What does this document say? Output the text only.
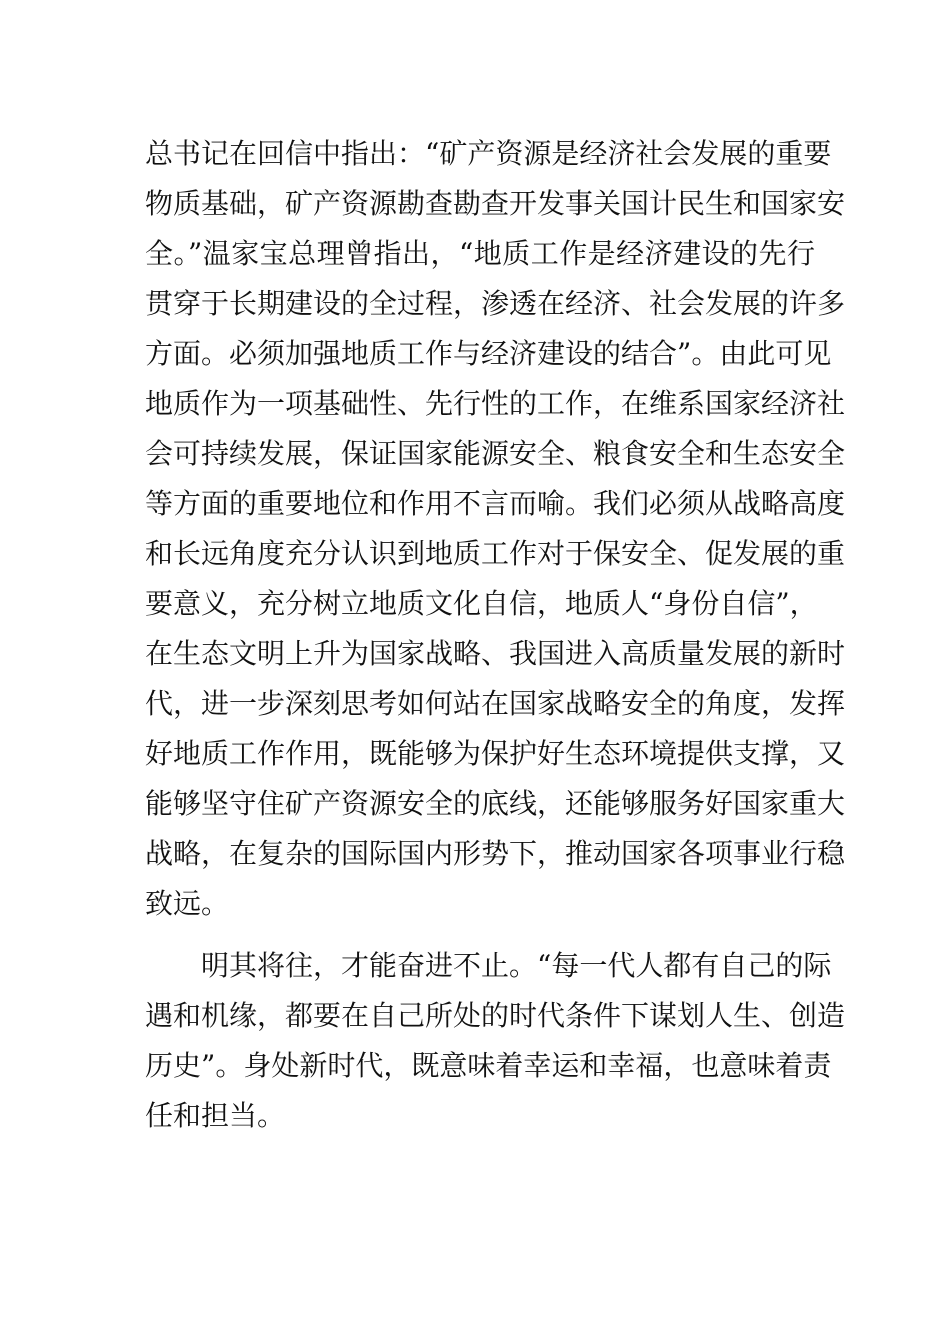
总书记在回信中指出：“矿产资源是经济社会发展的重要
物质基础，矿产资源勘查勘查开发事关国计民生和国家安
全。”温家宝总理曾指出，“地质工作是经济建设的先行
贯穿于长期建设的全过程，渗透在经济、社会发展的许多
方面。必须加强地质工作与经济建设的结合”。由此可见
地质作为一项基础性、先行性的工作，在维系国家经济社
会可持续发展，保证国家能源安全、粮食安全和生态安全
等方面的重要地位和作用不言而喻。我们必须从战略高度
和长远角度充分认识到地质工作对于保安全、促发展的重
要意义，充分树立地质文化自信，地质人“身份自信”，
在生态文明上升为国家战略、我国进入高质量发展的新时
代，进一步深刻思考如何站在国家战略安全的角度，发挥
好地质工作作用，既能够为保护好生态环境提供支撑，又
能够坚守住矿产资源安全的底线，还能够服务好国家重大
战略，在复杂的国际国内形势下，推动国家各项事业行稳
致远。
明其将往，才能奋进不止。“每一代人都有自己的际
遇和机缘，都要在自己所处的时代条件下谋划人生、创造
历史”。身处新时代，既意味着幸运和幸福，也意味着责
任和担当。
